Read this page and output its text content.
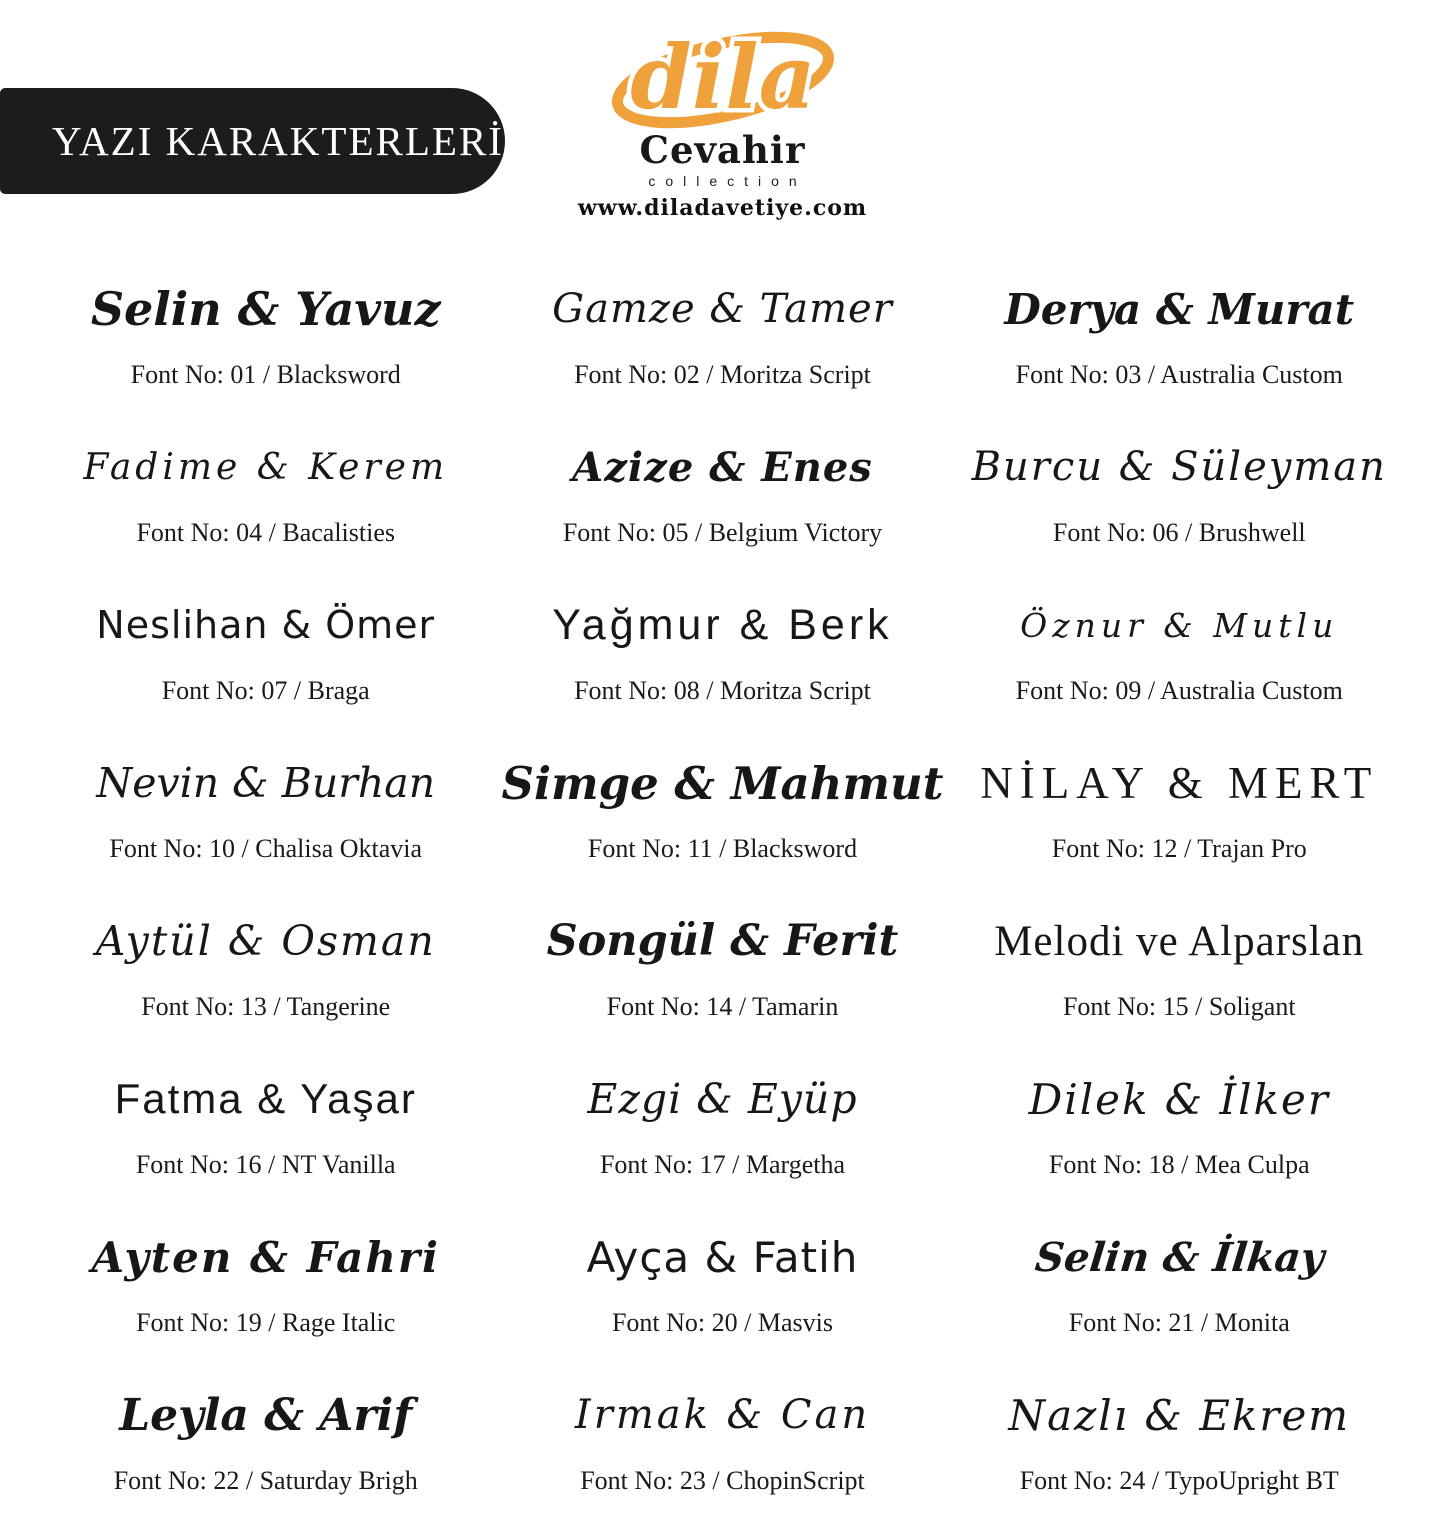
YAZI KARAKTERLERİ
dila
Cevahir
collection
www.diladavetiye.com
Selin & Yavuz
Font No: 01 / Blacksword
Gamze & Tamer
Font No: 02 / Moritza Script
Derya & Murat
Font No: 03 / Australia Custom
Fadime & Kerem
Font No: 04 / Bacalisties
Azize & Enes
Font No: 05 / Belgium Victory
Burcu & Süleyman
Font No: 06 / Brushwell
Neslihan & Ömer
Font No: 07 / Braga
Yağmur & Berk
Font No: 08 / Moritza Script
Öznur & Mutlu
Font No: 09 / Australia Custom
Nevin & Burhan
Font No: 10 / Chalisa Oktavia
Simge & Mahmut
Font No: 11 / Blacksword
NİLAY & MERT
Font No: 12 / Trajan Pro
Aytül & Osman
Font No: 13 / Tangerine
Songül & Ferit
Font No: 14 / Tamarin
Melodi ve Alparslan
Font No: 15 / Soligant
Fatma & Yaşar
Font No: 16 / NT Vanilla
Ezgi & Eyüp
Font No: 17 / Margetha
Dilek & İlker
Font No: 18 / Mea Culpa
Ayten & Fahri
Font No: 19 / Rage Italic
Ayça & Fatih
Font No: 20 / Masvis
Selin & İlkay
Font No: 21 / Monita
Leyla & Arif
Font No: 22 / Saturday Brigh
Irmak & Can
Font No: 23 / ChopinScript
Nazlı & Ekrem
Font No: 24 / TypoUpright BT
